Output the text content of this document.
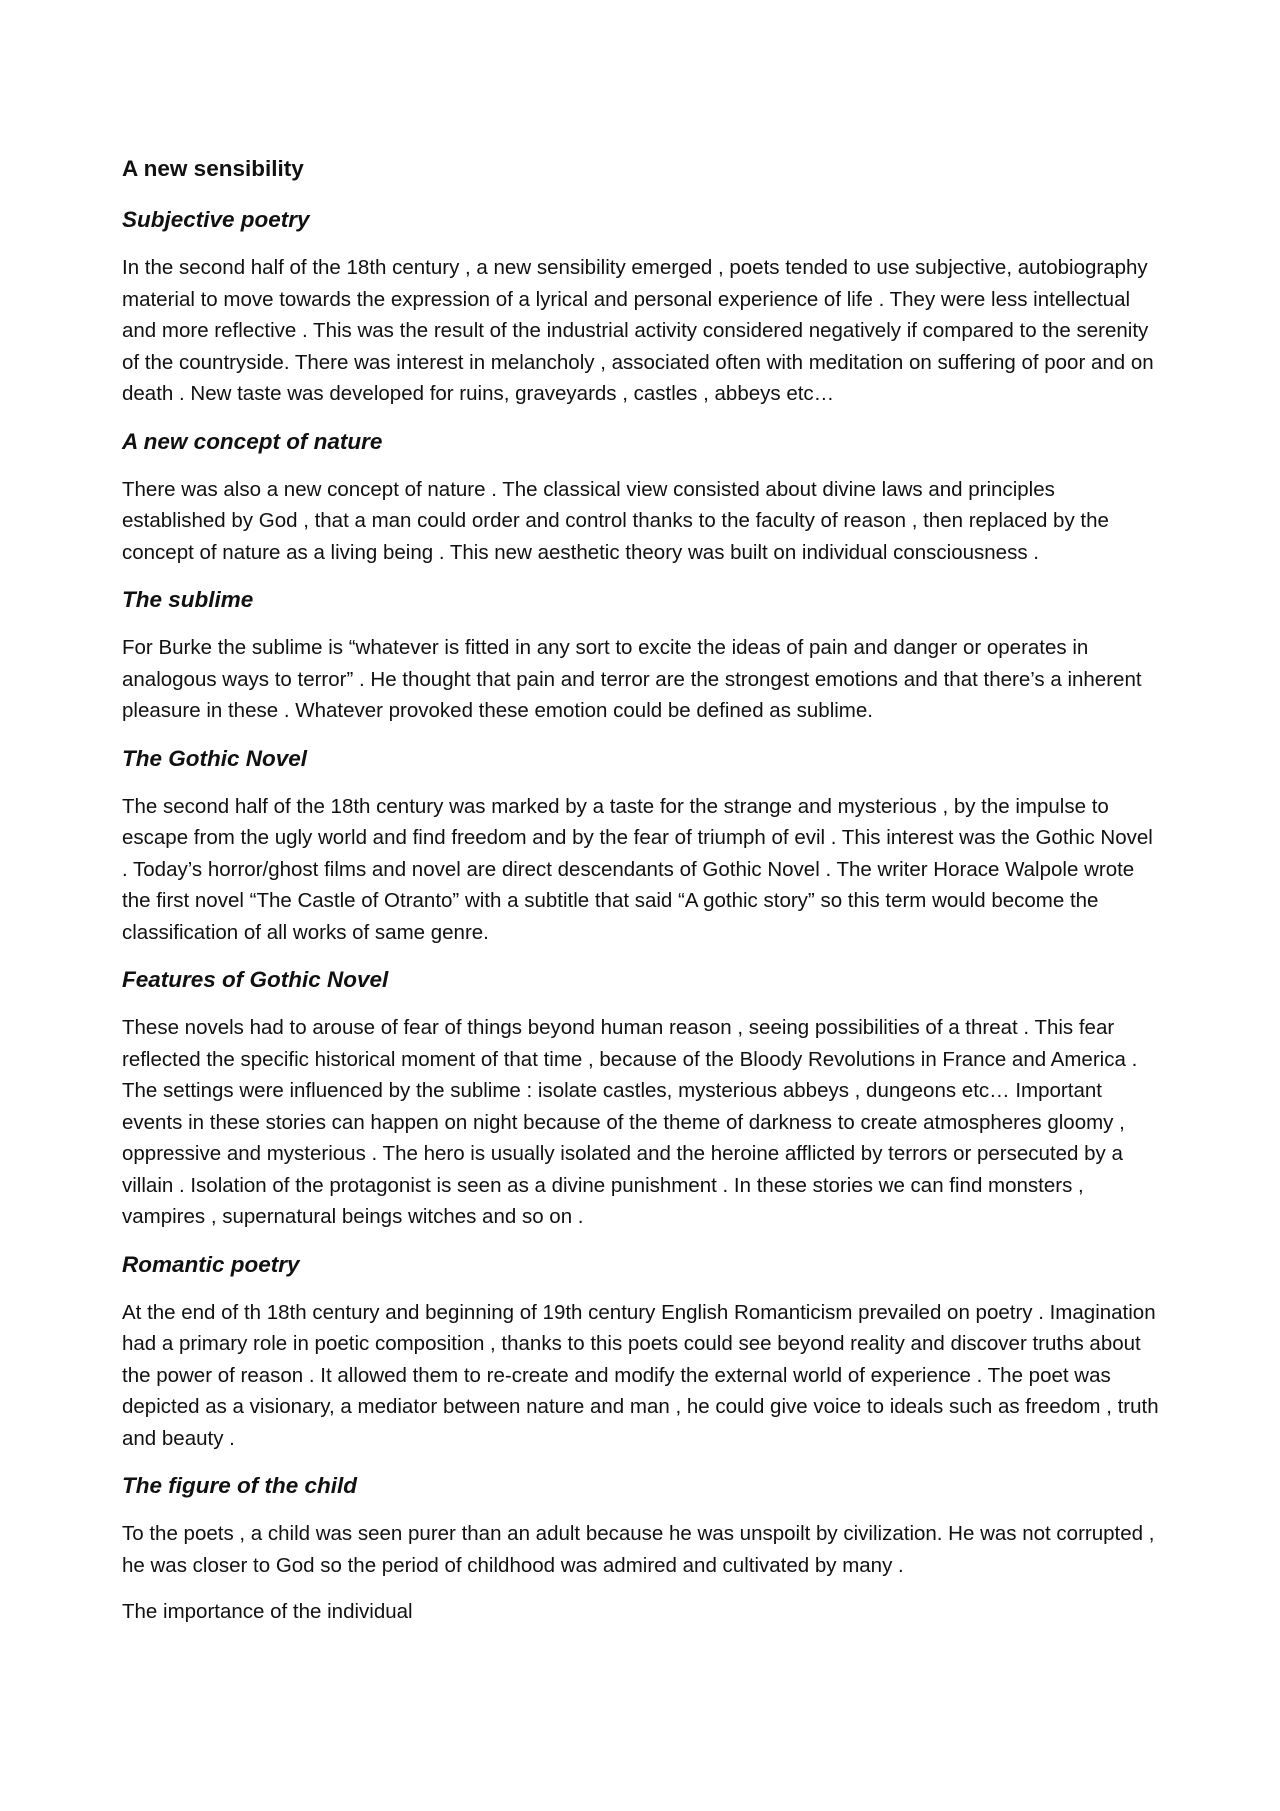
A new sensibility
Subjective poetry

In the second half of the 18th century , a new sensibility emerged , poets tended to use subjective, autobiography material to move towards the expression of a lyrical and personal experience of life . They were less intellectual and more reflective . This was the result of the industrial activity considered negatively if compared to the serenity of the countryside. There was interest in melancholy , associated often with meditation on suffering of poor and on death . New taste was developed for ruins, graveyards , castles , abbeys etc…

A new concept of nature

There was also a new concept of nature . The classical view consisted about divine laws and principles established by God , that a man could order and control thanks to the faculty of reason , then replaced by the concept of nature as a living being . This new aesthetic theory was built on individual consciousness .

The sublime

For Burke the sublime is “whatever is fitted in any sort to excite the ideas of pain and danger or operates in analogous ways to terror” . He thought that pain and terror are the strongest emotions and that there’s a inherent pleasure in these . Whatever provoked these emotion could be defined as sublime.

The Gothic Novel

The second half of the 18th century was marked by a taste for the strange and mysterious , by the impulse to escape from the ugly world and find freedom and by the fear of triumph of evil . This interest was the Gothic Novel . Today’s horror/ghost films and novel are direct descendants of Gothic Novel . The writer Horace Walpole wrote the first novel “The Castle of Otranto” with a subtitle that said “A gothic story” so this term would become the classification of all works of same genre.

Features of Gothic Novel

These novels had to arouse of fear of things beyond human reason , seeing possibilities of a threat . This fear reflected the specific historical moment of that time , because of the Bloody Revolutions in France and America . The settings were influenced by the sublime : isolate castles, mysterious abbeys , dungeons etc… Important events in these stories can happen on night because of the theme of darkness to create atmospheres gloomy , oppressive and mysterious . The hero is usually isolated and the heroine afflicted by terrors or persecuted by a villain . Isolation of the protagonist is seen as a divine punishment . In these stories we can find monsters , vampires , supernatural beings witches and so on .

Romantic poetry

At the end of th 18th century and beginning of 19th century English Romanticism prevailed on poetry . Imagination had a primary role in poetic composition , thanks to this poets could see beyond reality and discover truths about the power of reason . It allowed them to re-create and modify the external world of experience . The poet was depicted as a visionary, a mediator between nature and man , he could give voice to ideals such as freedom , truth and beauty .

The figure of the child

To the poets , a child was seen purer than an adult because he was unspoilt by civilization. He was not corrupted , he was closer to God so the period of childhood was admired and cultivated by many .

The importance of the individual
